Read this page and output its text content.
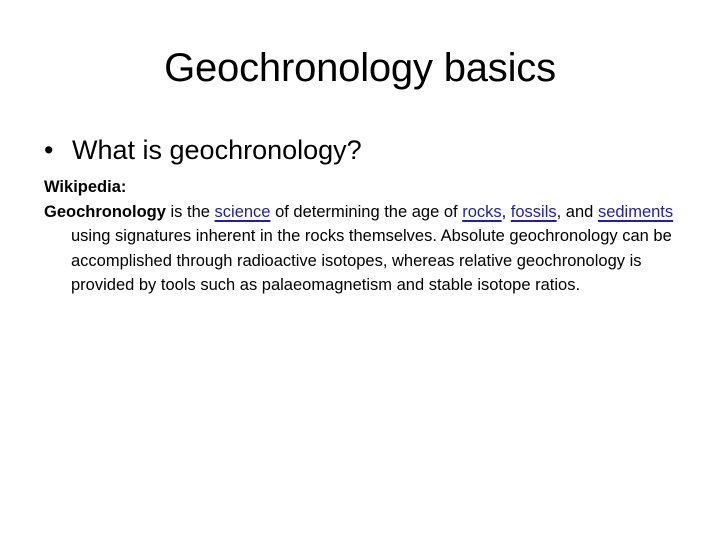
Geochronology basics
• What is geochronology?
Wikipedia:
Geochronology is the science of determining the age of rocks, fossils, and sediments using signatures inherent in the rocks themselves. Absolute geochronology can be accomplished through radioactive isotopes, whereas relative geochronology is provided by tools such as palaeomagnetism and stable isotope ratios.
